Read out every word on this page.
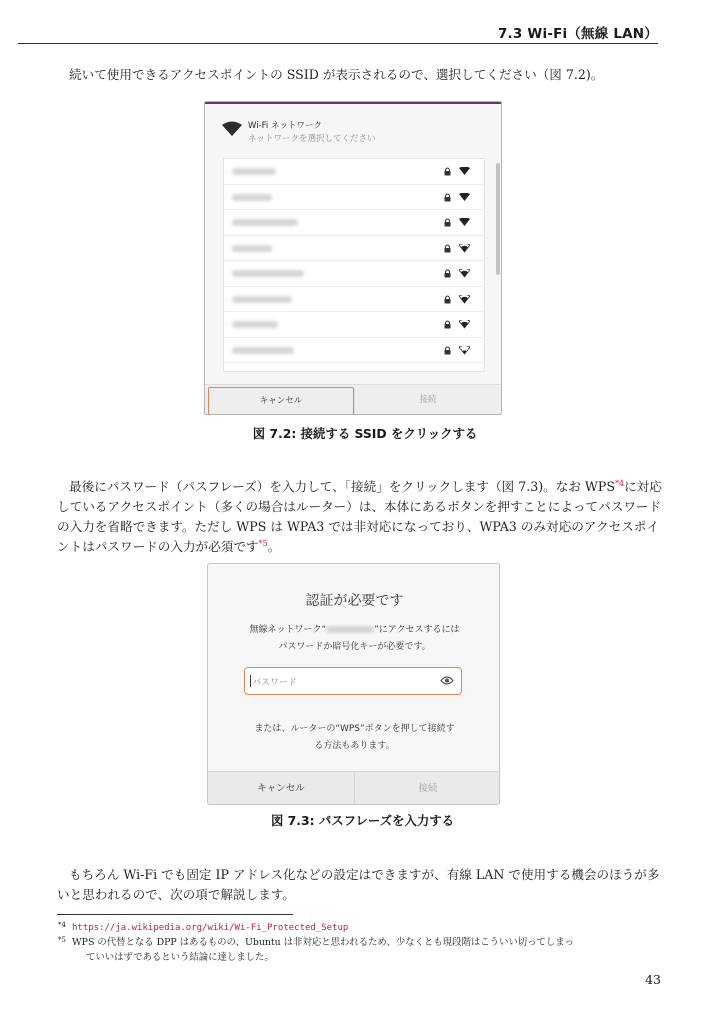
7.3 Wi-Fi（無線 LAN）

続いて使用できるアクセスポイントの SSID が表示されるので、選択してください（図 7.2)。

Wi-Fi ネットワーク
ネットワークを選択してください
キャンセル	接続
図 7.2: 接続する SSID をクリックする

最後にパスワード（パスフレーズ）を入力して、「接続」をクリックします（図 7.3)。なお WPS$^{*4}$に対応しているアクセスポイント（多くの場合はルーター）は、本体にあるボタンを押すことによってパスワードの入力を省略できます。ただし WPS は WPA3 では非対応になっており、WPA3 のみ対応のアクセスポイントはパスワードの入力が必須です$^{*5}$。

認証が必要です
無線ネットワーク“	”にアクセスするには
パスワードか暗号化キーが必要です。
パスワード
または、ルーターの“WPS”ボタンを押して接続す
る方法もあります。
キャンセル	接続
図 7.3: パスフレーズを入力する

もちろん Wi-Fi でも固定 IP アドレス化などの設定はできますが、有線 LAN で使用する機会のほうが多いと思われるので、次の項で解説します。

*4 https://ja.wikipedia.org/wiki/Wi-Fi_Protected_Setup
*5 WPS の代替となる DPP はあるものの、Ubuntu は非対応と思われるため、少なくとも現段階はこういい切ってしまっ
ていいはずであるという結論に達しました。
43
